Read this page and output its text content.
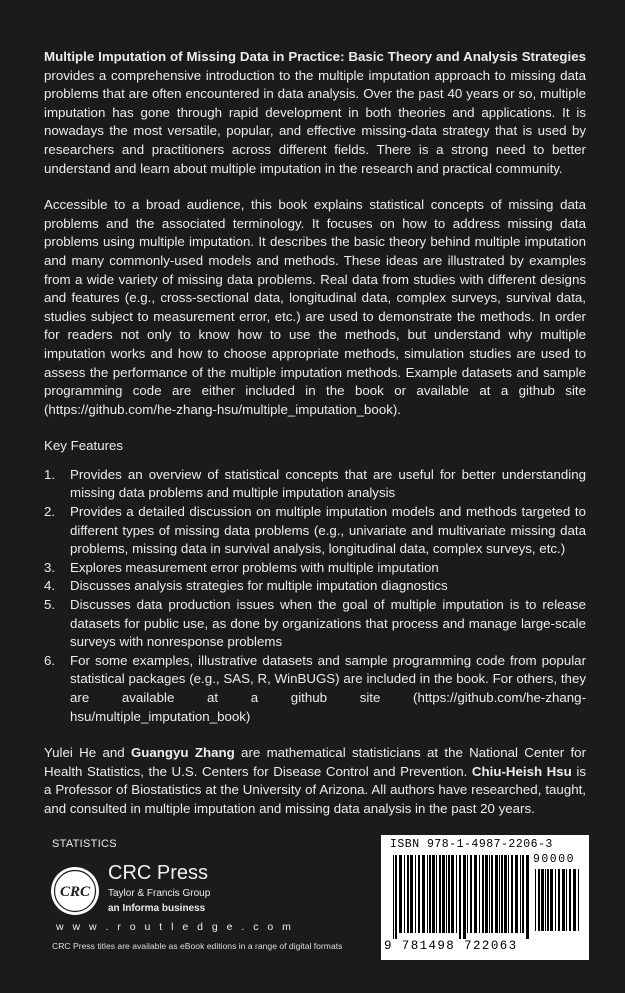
Multiple Imputation of Missing Data in Practice: Basic Theory and Analysis Strategies provides a comprehensive introduction to the multiple imputation approach to missing data problems that are often encountered in data analysis. Over the past 40 years or so, multiple imputation has gone through rapid development in both theories and applications. It is nowadays the most versatile, popular, and effective missing-data strategy that is used by researchers and practitioners across different fields. There is a strong need to better understand and learn about multiple imputation in the research and practical community.

Accessible to a broad audience, this book explains statistical concepts of missing data problems and the associated terminology. It focuses on how to address missing data problems using multiple imputation. It describes the basic theory behind multiple imputation and many commonly-used models and methods. These ideas are illustrated by examples from a wide variety of missing data problems. Real data from studies with different designs and features (e.g., cross-sectional data, longitudinal data, complex surveys, survival data, studies subject to measurement error, etc.) are used to demonstrate the methods. In order for readers not only to know how to use the methods, but understand why multiple imputation works and how to choose appropriate methods, simulation studies are used to assess the performance of the multiple imputation methods. Example datasets and sample programming code are either included in the book or available at a github site (https://github.com/he-zhang-hsu/multiple_imputation_book).

Key Features

1.	Provides an overview of statistical concepts that are useful for better understanding missing data problems and multiple imputation analysis
2.	Provides a detailed discussion on multiple imputation models and methods targeted to different types of missing data problems (e.g., univariate and multivariate missing data problems, missing data in survival analysis, longitudinal data, complex surveys, etc.)
3.	Explores measurement error problems with multiple imputation
4.	Discusses analysis strategies for multiple imputation diagnostics
5.	Discusses data production issues when the goal of multiple imputation is to release datasets for public use, as done by organizations that process and manage large-scale surveys with nonresponse problems
6.	For some examples, illustrative datasets and sample programming code from popular statistical packages (e.g., SAS, R, WinBUGS) are included in the book. For others, they are available at a github site (https://github.com/he-zhang-hsu/multiple_imputation_book)

Yulei He and Guangyu Zhang are mathematical statisticians at the National Center for Health Statistics, the U.S. Centers for Disease Control and Prevention. Chiu-Heish Hsu is a Professor of Biostatistics at the University of Arizona. All authors have researched, taught, and consulted in multiple imputation and missing data analysis in the past 20 years.

STATISTICS
CRC
CRC Press
Taylor & Francis Group
an Informa business
w w w . r o u t l e d g e . c o m
CRC Press titles are available as eBook editions in a range of digital formats
ISBN 978-1-4987-2206-3
90000
9 781498 722063
